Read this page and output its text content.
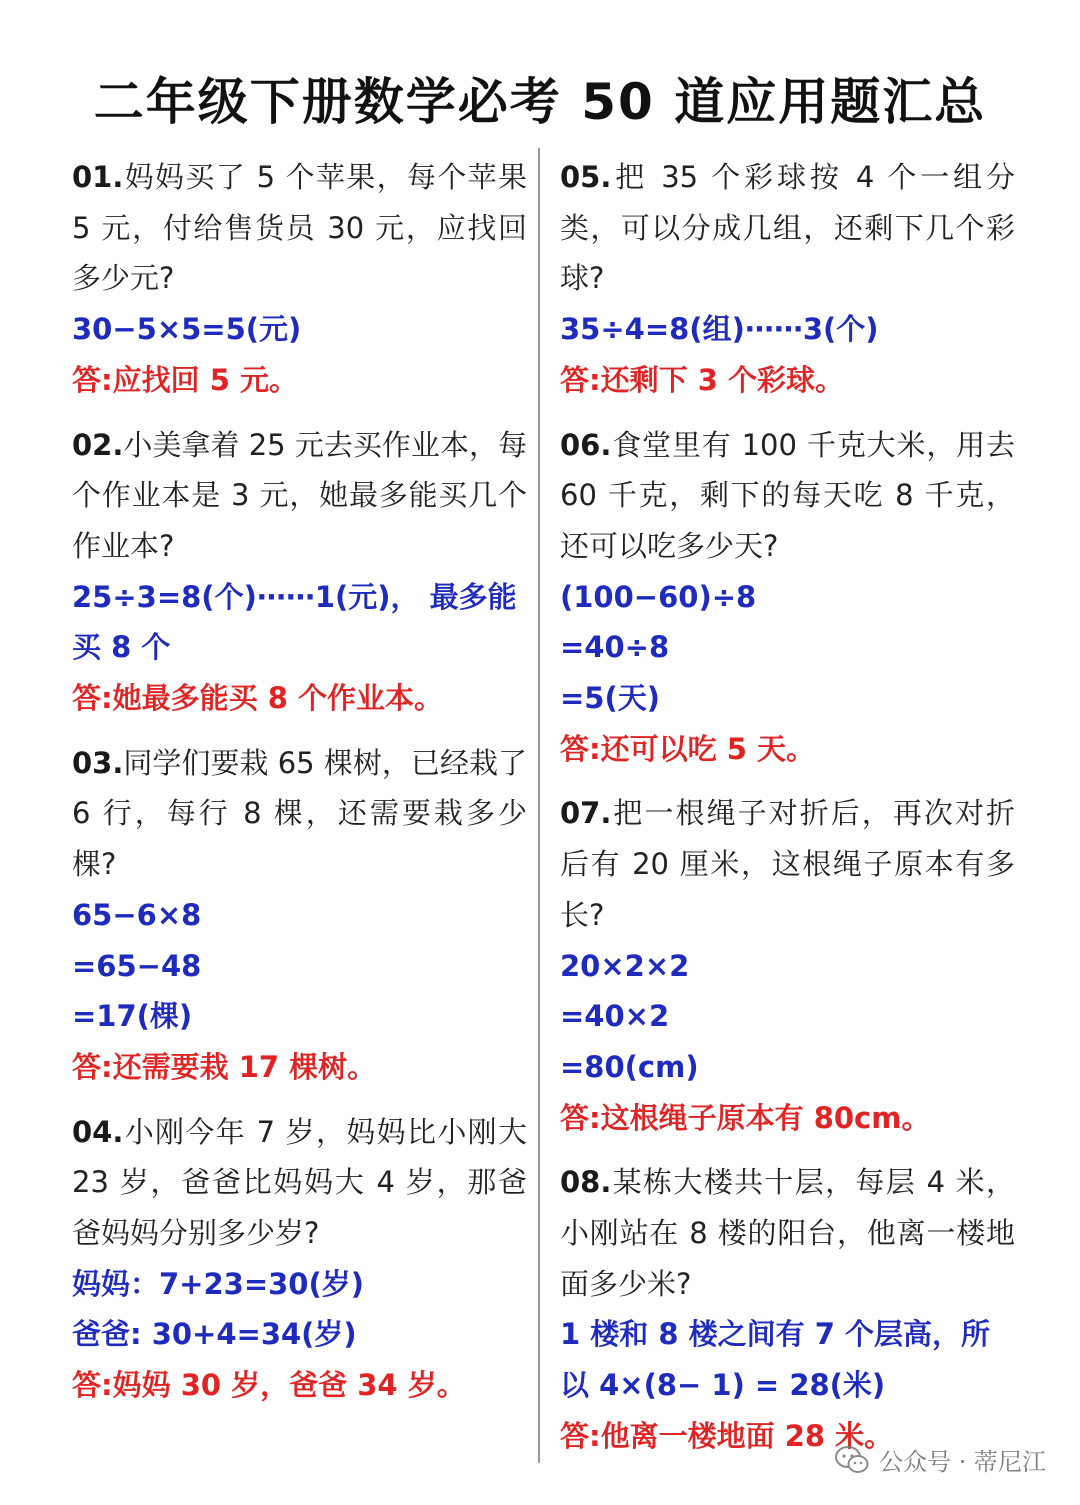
二年级下册数学必考 50 道应用题汇总

01.妈妈买了 5 个苹果，每个苹果 5 元，付给售货员 30 元，应找回多少元?

30−5×5=5(元)

答:应找回 5 元。

02.小美拿着 25 元去买作业本，每个作业本是 3 元，她最多能买几个作业本?

25÷3=8(个)⋯⋯1(元)， 最多能买 8 个

答:她最多能买 8 个作业本。

03.同学们要栽 65 棵树，已经栽了 6 行，每行 8 棵，还需要栽多少棵?

65−6×8

=65−48

=17(棵)

答:还需要栽 17 棵树。

04.小刚今年 7 岁，妈妈比小刚大 23 岁，爸爸比妈妈大 4 岁，那爸爸妈妈分别多少岁?

妈妈：7+23=30(岁)

爸爸: 30+4=34(岁)

答:妈妈 30 岁，爸爸 34 岁。

05.把 35 个彩球按 4 个一组分类，可以分成几组，还剩下几个彩球?

35÷4=8(组)⋯⋯3(个)

答:还剩下 3 个彩球。

06.食堂里有 100 千克大米，用去 60 千克，剩下的每天吃 8 千克，还可以吃多少天?

(100−60)÷8

=40÷8

=5(天)

答:还可以吃 5 天。

07.把一根绳子对折后，再次对折后有 20 厘米，这根绳子原本有多长?

20×2×2

=40×2

=80(cm)

答:这根绳子原本有 80cm。

08.某栋大楼共十层，每层 4 米，小刚站在 8 楼的阳台，他离一楼地面多少米?

1 楼和 8 楼之间有 7 个层高，所以 4×(8− 1) = 28(米)

答:他离一楼地面 28 米。

公众号 · 蒂尼江
